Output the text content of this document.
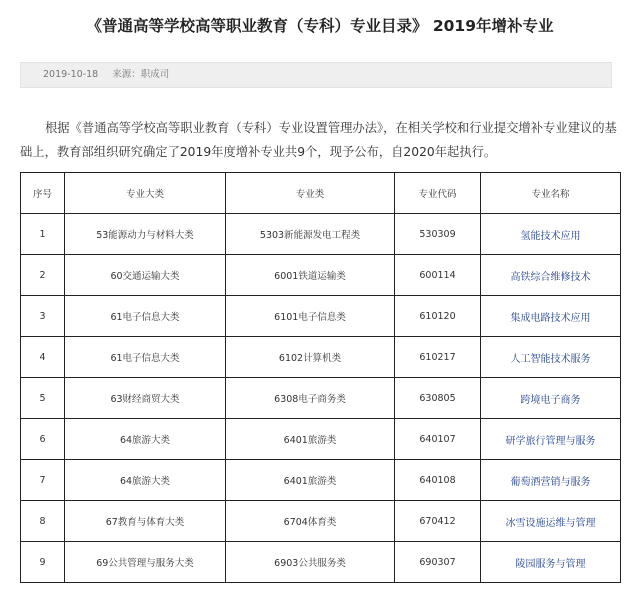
《普通高等学校高等职业教育（专科）专业目录》 2019年增补专业
2019-10-18 来源：职成司

根据《普通高等学校高等职业教育（专科）专业设置管理办法》，在相关学校和行业提交增补专业建议的基础上，教育部组织研究确定了2019年度增补专业共9个，现予公布，自2020年起执行。

序号	专业大类	专业类	专业代码	专业名称
1	53能源动力与材料大类	5303新能源发电工程类	530309	氢能技术应用
2	60交通运输大类	6001铁道运输类	600114	高铁综合维修技术
3	61电子信息大类	6101电子信息类	610120	集成电路技术应用
4	61电子信息大类	6102计算机类	610217	人工智能技术服务
5	63财经商贸大类	6308电子商务类	630805	跨境电子商务
6	64旅游大类	6401旅游类	640107	研学旅行管理与服务
7	64旅游大类	6401旅游类	640108	葡萄酒营销与服务
8	67教育与体育大类	6704体育类	670412	冰雪设施运维与管理
9	69公共管理与服务大类	6903公共服务类	690307	陵园服务与管理
